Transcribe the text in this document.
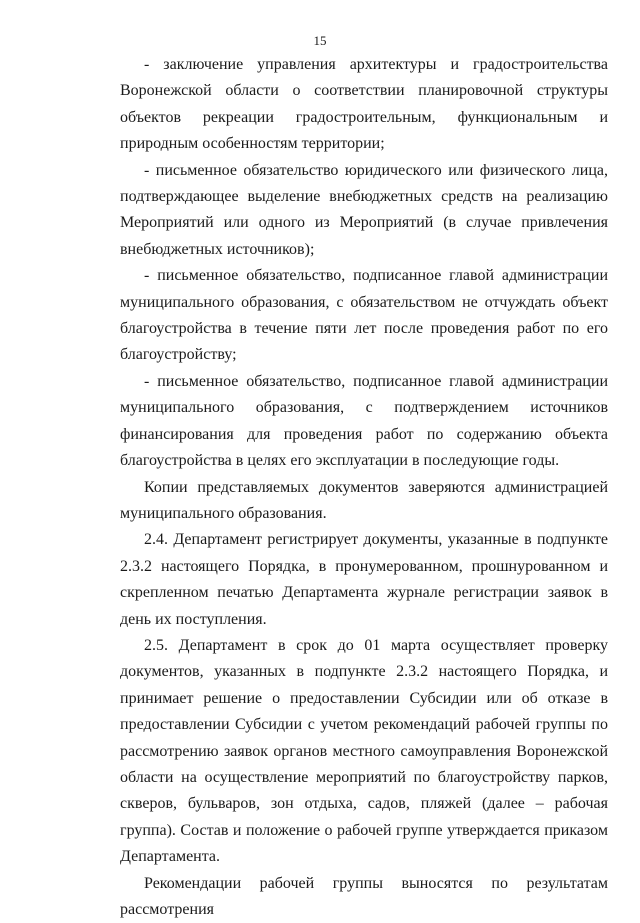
15

- заключение управления архитектуры и градостроительства Воронежской области о соответствии планировочной структуры объектов рекреации градостроительным, функциональным и природным особенностям территории;

- письменное обязательство юридического или физического лица, подтверждающее выделение внебюджетных средств на реализацию Мероприятий или одного из Мероприятий (в случае привлечения внебюджетных источников);

- письменное обязательство, подписанное главой администрации муниципального образования, с обязательством не отчуждать объект благоустройства в течение пяти лет после проведения работ по его благоустройству;

- письменное обязательство, подписанное главой администрации муниципального образования, с подтверждением источников финансирования для проведения работ по содержанию объекта благоустройства в целях его эксплуатации в последующие годы.

Копии представляемых документов заверяются администрацией муниципального образования.

2.4. Департамент регистрирует документы, указанные в подпункте 2.3.2 настоящего Порядка, в пронумерованном, прошнурованном и скрепленном печатью Департамента журнале регистрации заявок в день их поступления.

2.5. Департамент в срок до 01 марта осуществляет проверку документов, указанных в подпункте 2.3.2 настоящего Порядка, и принимает решение о предоставлении Субсидии или об отказе в предоставлении Субсидии с учетом рекомендаций рабочей группы по рассмотрению заявок органов местного самоуправления Воронежской области на осуществление мероприятий по благоустройству парков, скверов, бульваров, зон отдыха, садов, пляжей (далее – рабочая группа). Состав и положение о рабочей группе утверждается приказом Департамента.

Рекомендации рабочей группы выносятся по результатам рассмотрения
